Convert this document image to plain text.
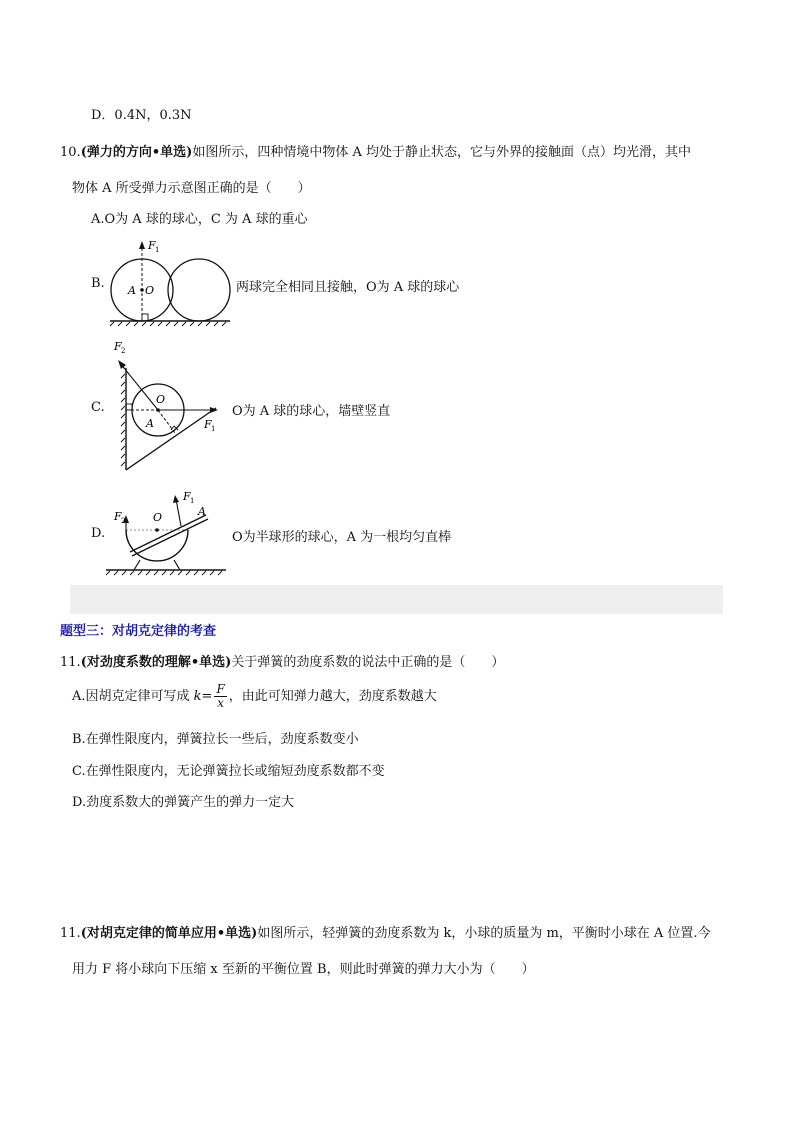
D．0.4N，0.3N
10.(弹力的方向•单选)如图所示，四种情境中物体 A 均处于静止状态，它与外界的接触面（点）均光滑，其中
物体 A 所受弹力示意图正确的是（　　）
A.O为 A 球的球心，C 为 A 球的重心
B.
F 1
A O	两球完全相同且接触，O为 A 球的球心
C.
F 2
O
A	F 1
O为 A 球的球心，墙壁竖直
D.
F 2	O
F 1
A
O为半球形的球心，A 为一根均匀直棒
题型三：对胡克定律的考查
11.(对劲度系数的理解•单选)关于弹簧的劲度系数的说法中正确的是（　　）
A.因胡克定律可写成 $k= \frac{F}{x}$ ，由此可知弹力越大，劲度系数越大
B.在弹性限度内，弹簧拉长一些后，劲度系数变小
C.在弹性限度内，无论弹簧拉长或缩短劲度系数都不变
D.劲度系数大的弹簧产生的弹力一定大
11.(对胡克定律的简单应用•单选)如图所示，轻弹簧的劲度系数为 k，小球的质量为 m，平衡时小球在 A 位置.今
用力 F 将小球向下压缩 x 至新的平衡位置 B，则此时弹簧的弹力大小为（　　）
